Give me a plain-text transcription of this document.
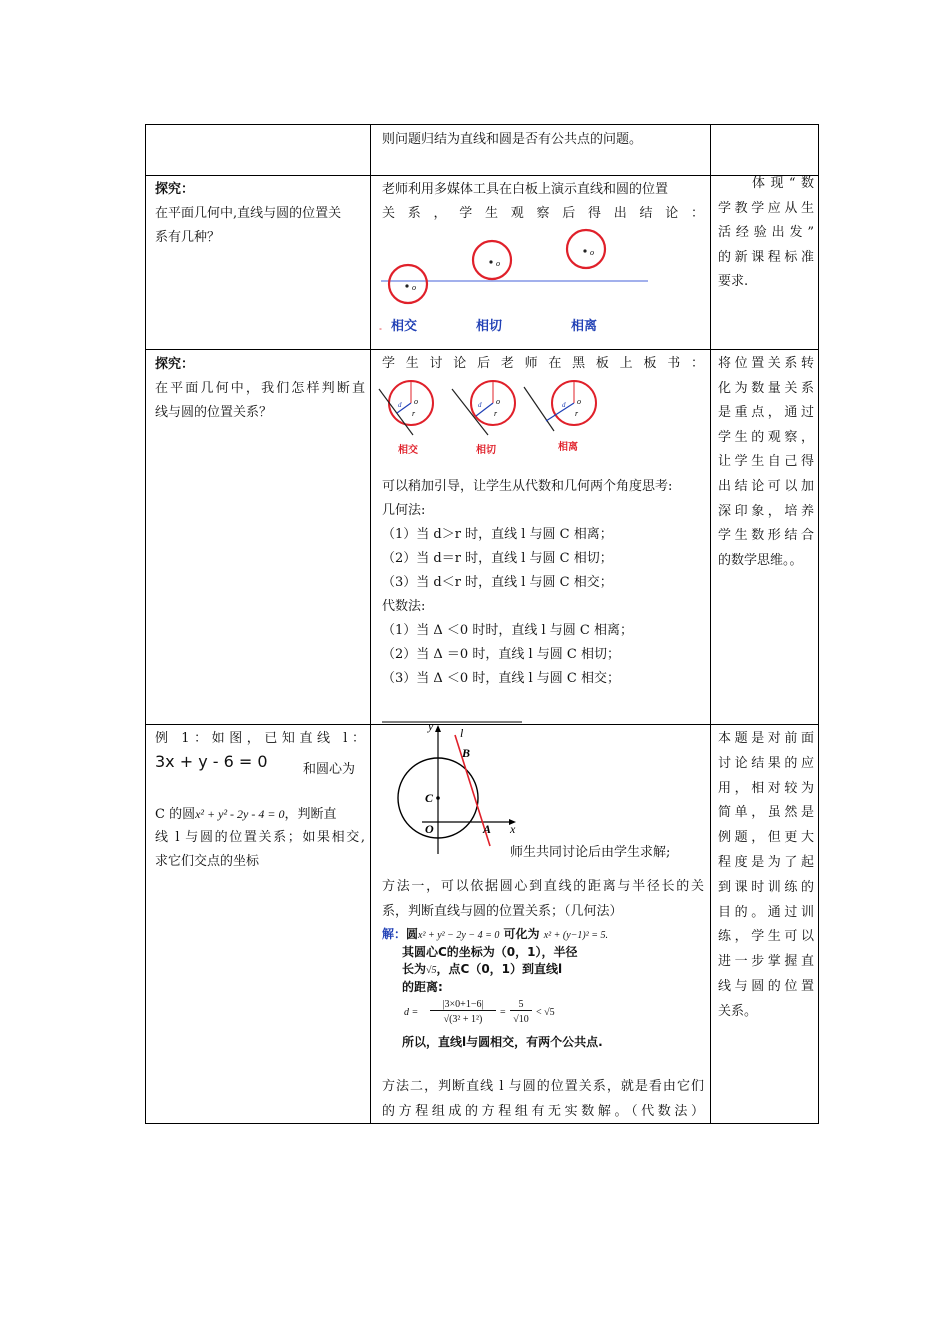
则问题归结为直线和圆是否有公共点的问题。
探究：
在平面几何中,直线与圆的位置关
系有几种？
老师利用多媒体工具在白板上演示直线和圆的位置
关 系 ， 学 生 观 察 后 得 出 结 论 ：
o
o
o
˳ 相交	相切	相离
体现“数
学教学应从生
活经验出发”
的新课程标准
要求.
探究：
在平面几何中，我们怎样判断直
线与圆的位置关系？
学 生 讨 论 后 老 师 在 黑 板 上 板 书 ：
o
d
r
相交
o
d
r
相切
o
d
r
相离
可以稍加引导，让学生从代数和几何两个角度思考:
几何法:
（1）当 d＞r 时，直线 l 与圆 C 相离；
（2）当 d＝r 时，直线 l 与圆 C 相切；
（3）当 d＜r 时，直线 l 与圆 C 相交；
代数法:
（1）当 Δ ＜0 时时，直线 l 与圆 C 相离；
（2）当 Δ ＝0 时，直线 l 与圆 C 相切；
（3）当 Δ ＜0 时，直线 l 与圆 C 相交；
将位置关系转
化为数量关系
是重点，通过
学生的观察，
让学生自己得
出结论可以加
深印象，培养
学生数形结合
的数学思维。。
例 1：如图，已知直线 l：
3x + y - 6 = 0	和圆心为
C 的圆x² + y² - 2y - 4 = 0，判断直
线 l 与圆的位置关系；如果相交,
求它们交点的坐标
y l
B
C
O	A x
师生共同讨论后由学生求解;
方法一，可以依据圆心到直线的距离与半径长的关
系，判断直线与圆的位置关系；（几何法）
解：圆x² + y² − 2y − 4 = 0 可化为 x² + (y−1)² = 5.
其圆心C的坐标为（0，1），半径
长为√5，点C（0，1）到直线l
的距离:
d =
|3×0+1−6|
√(3² + 1²)
=
5
√10
< √5
所以，直线l与圆相交，有两个公共点.
方法二，判断直线 l 与圆的位置关系，就是看由它们
的方程组成的方程组有无实数解。（代数法）
本题是对前面
讨论结果的应
用，相对较为
简单，虽然是
例题，但更大
程度是为了起
到课时训练的
目的。通过训
练，学生可以
进一步掌握直
线与圆的位置
关系。
